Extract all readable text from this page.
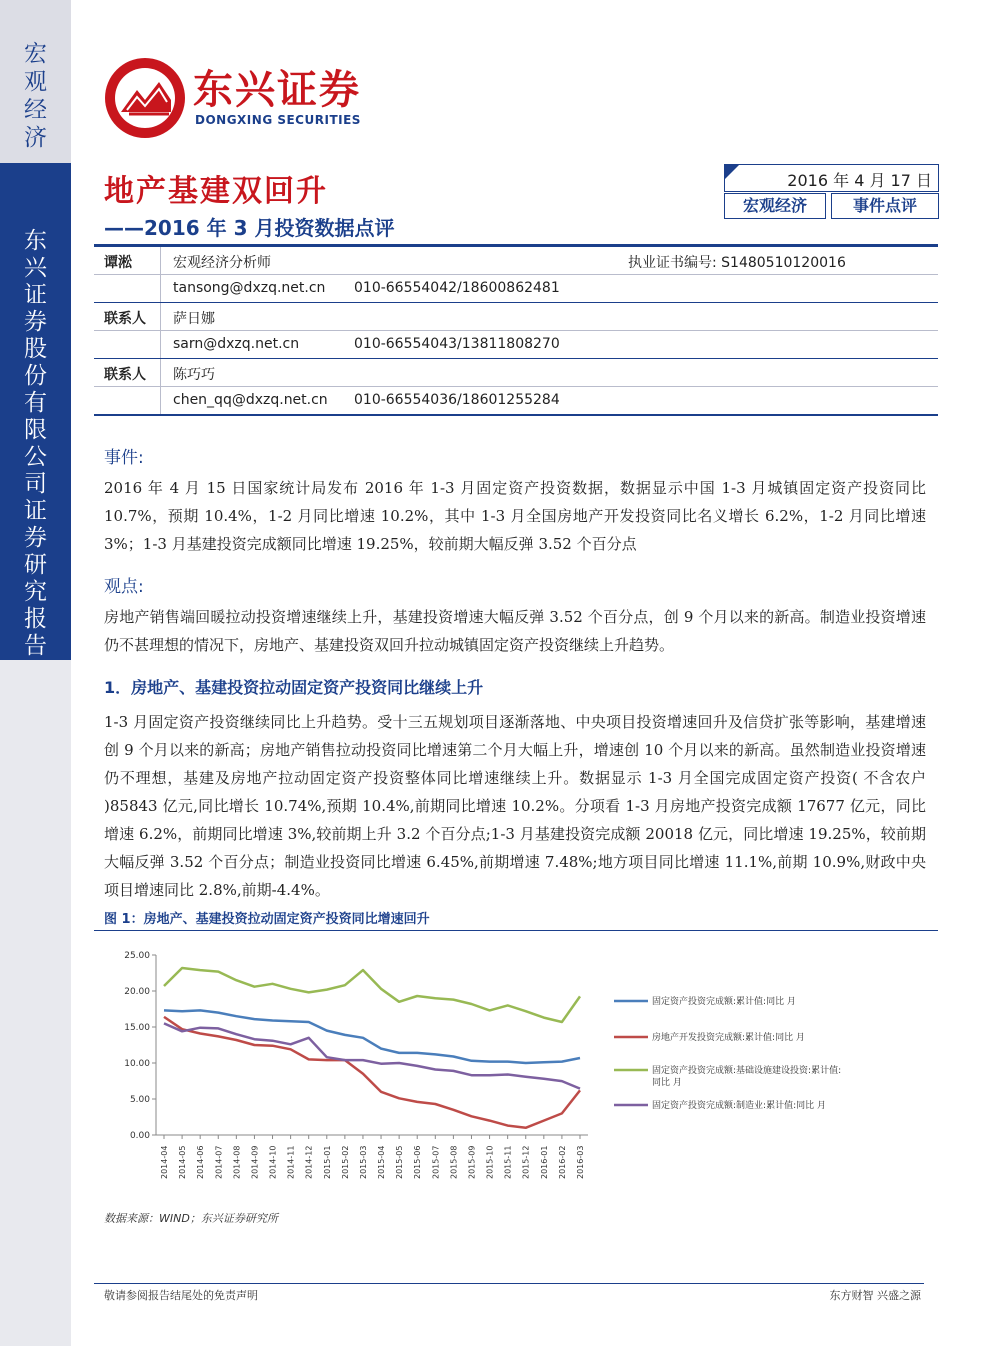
宏
观
经
济
东
兴
证
券
股
份
有
限
公
司
证
券
研
究
报
告
东兴证券
DONGXING SECURITIES
地产基建双回升
——2016 年 3 月投资数据点评
2016 年 4 月 17 日
宏观经济	事件点评
谭淞	宏观经济分析师	执业证书编号: S1480510120016
tansong@dxzq.net.cn 010-66554042/18600862481
联系人 萨日娜
sarn@dxzq.net.cn	010-66554043/13811808270
联系人 陈巧巧
chen_qq@dxzq.net.cn 010-66554036/18601255284
事件:
2016 年 4 月 15 日国家统计局发布 2016 年 1-3 月固定资产投资数据，数据显示中国 1-3 月城镇固定资产投资同比 10.7%，预期 10.4%，1-2 月同比增速 10.2%，其中 1-3 月全国房地产开发投资同比名义增长 6.2%，1-2 月同比增速 3%；1-3 月基建投资完成额同比增速 19.25%，较前期大幅反弹 3.52 个百分点
观点:
房地产销售端回暖拉动投资增速继续上升，基建投资增速大幅反弹 3.52 个百分点，创 9 个月以来的新高。制造业投资增速仍不甚理想的情况下，房地产、基建投资双回升拉动城镇固定资产投资继续上升趋势。
1．房地产、基建投资拉动固定资产投资同比继续上升
1-3 月固定资产投资继续同比上升趋势。受十三五规划项目逐渐落地、中央项目投资增速回升及信贷扩张等影响，基建增速创 9 个月以来的新高；房地产销售拉动投资同比增速第二个月大幅上升，增速创 10 个月以来的新高。虽然制造业投资增速仍不理想，基建及房地产拉动固定资产投资整体同比增速继续上升。数据显示 1-3 月全国完成固定资产投资( 不含农户 )85843 亿元,同比增长 10.74%,预期 10.4%,前期同比增速 10.2%。分项看 1-3 月房地产投资完成额 17677 亿元，同比增速 6.2%，前期同比增速 3%,较前期上升 3.2 个百分点;1-3 月基建投资完成额 20018 亿元，同比增速 19.25%，较前期大幅反弹 3.52 个百分点；制造业投资同比增速 6.45%,前期增速 7.48%;地方项目同比增速 11.1%,前期 10.9%,财政中央项目增速同比 2.8%,前期-4.4%。
图 1：房地产、基建投资拉动固定资产投资同比增速回升
0.00
5.00
10.00
15.00
20.00
25.00
2014-04 2014-05 2014-06 2014-07 2014-08 2014-09 2014-10 2014-11 2014-12 2015-01 2015-02 2015-03 2015-04 2015-05 2015-06 2015-07 2015-08 2015-09 2015-10 2015-11 2015-12 2016-01 2016-02 2016-03
固定资产投资完成额:累计值:同比 月
房地产开发投资完成额:累计值:同比 月
固定资产投资完成额:基础设施建设投资:累计值:同比 月
固定资产投资完成额:制造业:累计值:同比 月
数据来源：WIND；东兴证券研究所
敬请参阅报告结尾处的免责声明	东方财智 兴盛之源
